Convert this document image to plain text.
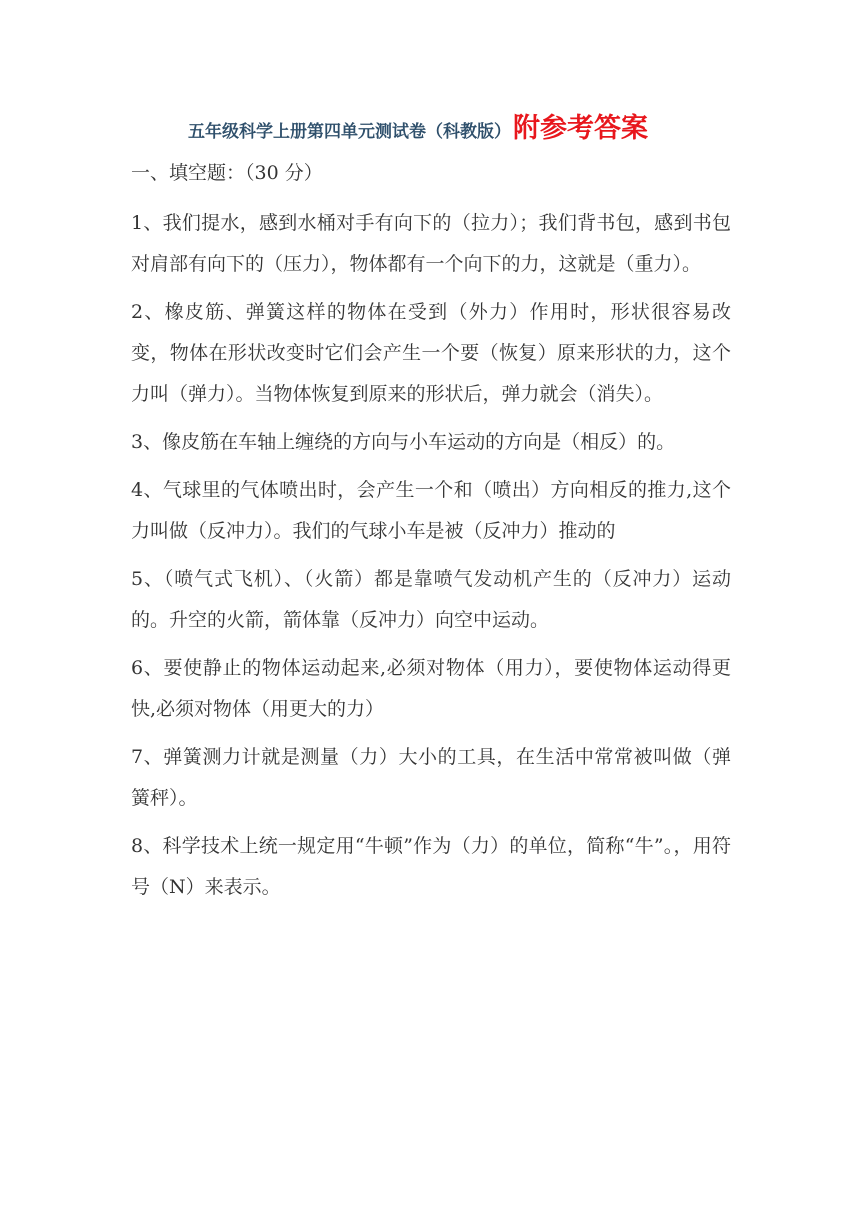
五年级科学上册第四单元测试卷（科教版）附参考答案
一、填空题：（30 分）

1、我们提水，感到水桶对手有向下的（拉力）；我们背书包，感到书包对肩部有向下的（压力），物体都有一个向下的力，这就是（重力）。

2、橡皮筋、弹簧这样的物体在受到（外力）作用时，形状很容易改变，物体在形状改变时它们会产生一个要（恢复）原来形状的力，这个力叫（弹力）。当物体恢复到原来的形状后，弹力就会（消失）。

3、像皮筋在车轴上缠绕的方向与小车运动的方向是（相反）的。

4、气球里的气体喷出时，会产生一个和（喷出）方向相反的推力,这个力叫做（反冲力）。我们的气球小车是被（反冲力）推动的

5、（喷气式飞机）、（火箭）都是靠喷气发动机产生的（反冲力）运动的。升空的火箭，箭体靠（反冲力）向空中运动。

6、要使静止的物体运动起来,必须对物体（用力），要使物体运动得更快,必须对物体（用更大的力）

7、弹簧测力计就是测量（力）大小的工具，在生活中常常被叫做（弹簧秤）。

8、科学技术上统一规定用“牛顿”作为（力）的单位，简称“牛”。，用符号（N）来表示。
